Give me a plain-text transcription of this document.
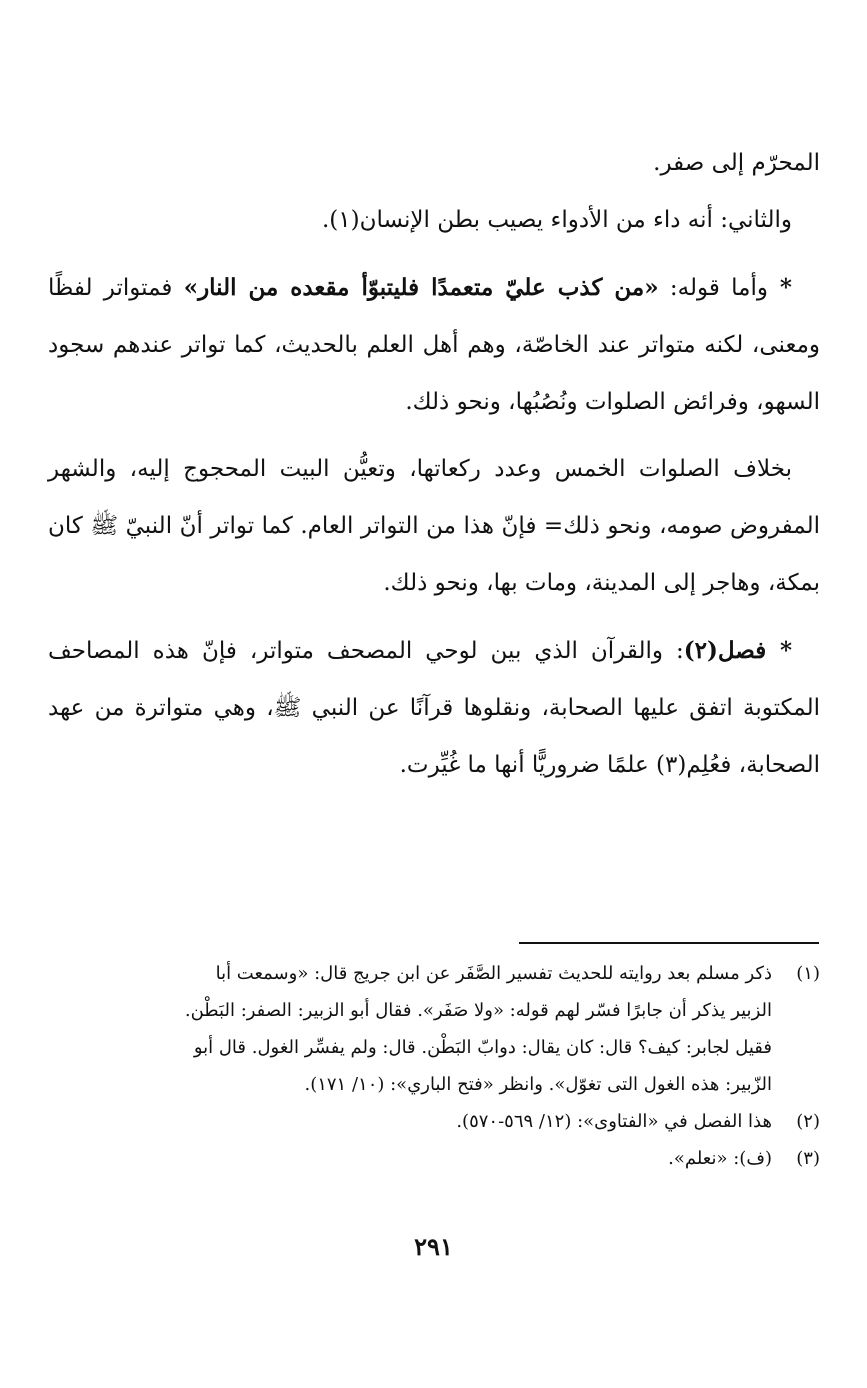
المحرّم إلى صفر.

والثاني: أنه داء من الأدواء يصيب بطن الإنسان(١).

* وأما قوله: «من كذب عليّ متعمدًا فليتبوّأ مقعده من النار» فمتواتر لفظًا ومعنى، لكنه متواتر عند الخاصّة، وهم أهل العلم بالحديث، كما تواتر عندهم سجود السهو، وفرائض الصلوات ونُصُبُها، ونحو ذلك.

بخلاف الصلوات الخمس وعدد ركعاتها، وتعيُّن البيت المحجوج إليه، والشهر المفروض صومه، ونحو ذلك= فإنّ هذا من التواتر العام. كما تواتر أنّ النبيّ ﷺ كان بمكة، وهاجر إلى المدينة، ومات بها، ونحو ذلك.

* فصل(٢): والقرآن الذي بين لوحي المصحف متواتر، فإنّ هذه المصاحف المكتوبة اتفق عليها الصحابة، ونقلوها قرآنًا عن النبي ﷺ، وهي متواترة من عهد الصحابة، فعُلِم(٣) علمًا ضروريًّا أنها ما غُيِّرت.

(١)
ذكر مسلم بعد روايته للحديث تفسير الصَّفَر عن ابن جريج قال: «وسمعت أبا
الزبير يذكر أن جابرًا فسّر لهم قوله: «ولا صَفَر». فقال أبو الزبير: الصفر: البَطْن.
فقيل لجابر: كيف؟ قال: كان يقال: دوابّ البَطْن. قال: ولم يفسِّر الغول. قال أبو
الزّبير: هذه الغول التى تغوّل». وانظر «فتح الباري»: (١٠/ ١٧١).
(٢)
هذا الفصل في «الفتاوى»: (١٢/ ٥٦٩-٥٧٠).
(٣)
(ف): «نعلم».
٢٩١
